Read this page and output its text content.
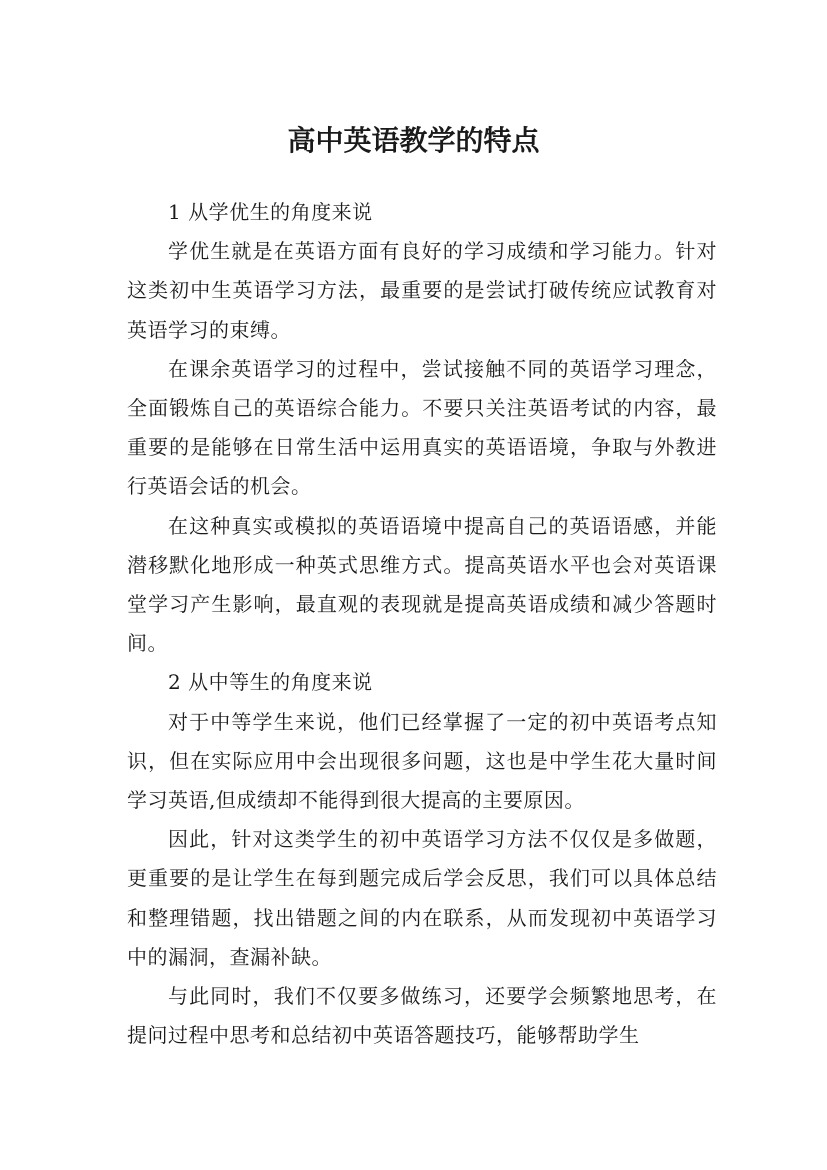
高中英语教学的特点

1 从学优生的角度来说

学优生就是在英语方面有良好的学习成绩和学习能力。针对这类初中生英语学习方法，最重要的是尝试打破传统应试教育对英语学习的束缚。

在课余英语学习的过程中，尝试接触不同的英语学习理念，全面锻炼自己的英语综合能力。不要只关注英语考试的内容，最重要的是能够在日常生活中运用真实的英语语境，争取与外教进行英语会话的机会。

在这种真实或模拟的英语语境中提高自己的英语语感，并能潜移默化地形成一种英式思维方式。提高英语水平也会对英语课堂学习产生影响，最直观的表现就是提高英语成绩和减少答题时间。

2 从中等生的角度来说

对于中等学生来说，他们已经掌握了一定的初中英语考点知识，但在实际应用中会出现很多问题，这也是中学生花大量时间学习英语,但成绩却不能得到很大提高的主要原因。

因此，针对这类学生的初中英语学习方法不仅仅是多做题，更重要的是让学生在每到题完成后学会反思，我们可以具体总结和整理错题，找出错题之间的内在联系，从而发现初中英语学习中的漏洞，查漏补缺。

与此同时，我们不仅要多做练习，还要学会频繁地思考，在提问过程中思考和总结初中英语答题技巧，能够帮助学生
